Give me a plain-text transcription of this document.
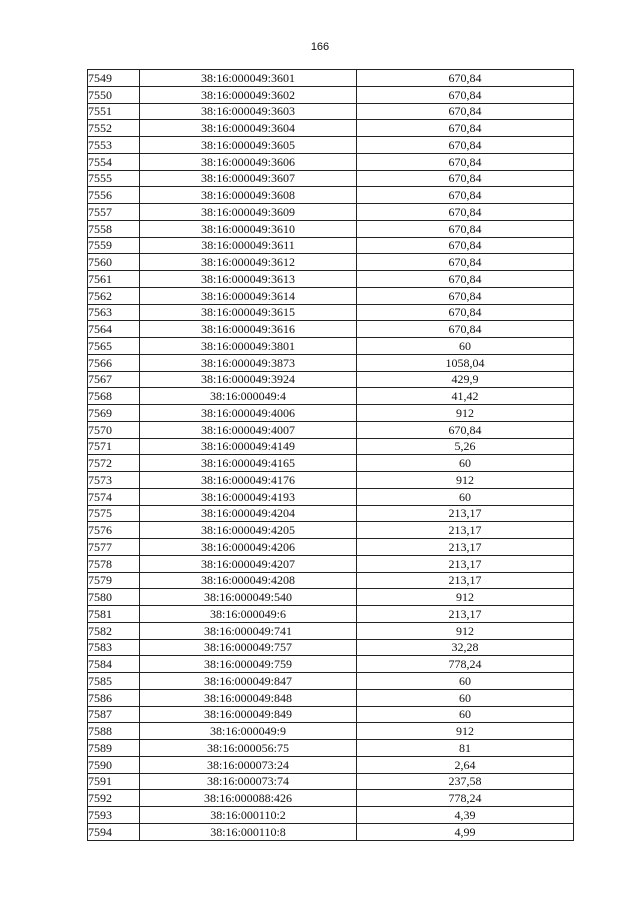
166
7549	38:16:000049:3601	670,84
7550	38:16:000049:3602	670,84
7551	38:16:000049:3603	670,84
7552	38:16:000049:3604	670,84
7553	38:16:000049:3605	670,84
7554	38:16:000049:3606	670,84
7555	38:16:000049:3607	670,84
7556	38:16:000049:3608	670,84
7557	38:16:000049:3609	670,84
7558	38:16:000049:3610	670,84
7559	38:16:000049:3611	670,84
7560	38:16:000049:3612	670,84
7561	38:16:000049:3613	670,84
7562	38:16:000049:3614	670,84
7563	38:16:000049:3615	670,84
7564	38:16:000049:3616	670,84
7565	38:16:000049:3801	60
7566	38:16:000049:3873	1058,04
7567	38:16:000049:3924	429,9
7568	38:16:000049:4	41,42
7569	38:16:000049:4006	912
7570	38:16:000049:4007	670,84
7571	38:16:000049:4149	5,26
7572	38:16:000049:4165	60
7573	38:16:000049:4176	912
7574	38:16:000049:4193	60
7575	38:16:000049:4204	213,17
7576	38:16:000049:4205	213,17
7577	38:16:000049:4206	213,17
7578	38:16:000049:4207	213,17
7579	38:16:000049:4208	213,17
7580	38:16:000049:540	912
7581	38:16:000049:6	213,17
7582	38:16:000049:741	912
7583	38:16:000049:757	32,28
7584	38:16:000049:759	778,24
7585	38:16:000049:847	60
7586	38:16:000049:848	60
7587	38:16:000049:849	60
7588	38:16:000049:9	912
7589	38:16:000056:75	81
7590	38:16:000073:24	2,64
7591	38:16:000073:74	237,58
7592	38:16:000088:426	778,24
7593	38:16:000110:2	4,39
7594	38:16:000110:8	4,99
